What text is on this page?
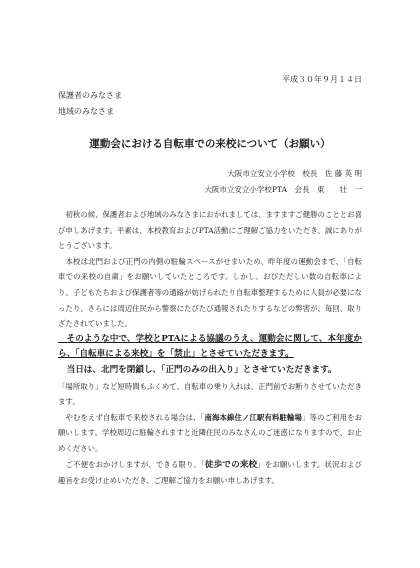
平成３０年９月１４日
保護者のみなさま
地域のみなさま
運動会における自転車での来校について（お願い）
大阪市立安立小学校　校長　佐 藤 英 明
大阪市立安立小学校PTA　会長　東　　壮　一

　初秋の候、保護者および地域のみなさまにおかれましては、ますますご健勝のこととお喜び申しあげます。平素は、本校教育およびPTA活動にご理解ご協力をいただき、誠にありがとうございます。

　本校は北門および正門の内側の駐輪スペースがせまいため、昨年度の運動会まで、「自転車での来校の自粛」をお願いしていたところです。しかし、おびただしい数の自転車により、子どもたちおよび保護者等の通路が妨げられたり自転車整理するために人員が必要になったり、さらには周辺住民から警察にたびたび通報されたりするなどの弊害が、毎回、取りざたされていました。

　そのような中で、学校とPTAによる協議のうえ、運動会に関して、本年度から、「自転車による来校」を「禁止」とさせていただきます。

　当日は、北門を閉鎖し、「正門のみの出入り」とさせていただきます。

「場所取り」など短時間もふくめて、自転車の乗り入れは、正門前でお断りさせていただきます。

　やむをえず自転車で来校される場合は、「南海本線住ノ江駅有料駐輪場」等のご利用をお願いします。学校周辺に駐輪されますと近隣住民のみなさんのご迷惑になりますので、お止めください。

　ご不便をおかけしますが、できる限り、「徒歩での来校」をお願いします。状況および趣旨をお受け止めいただき、ご理解ご協力をお願い申しあげます。
